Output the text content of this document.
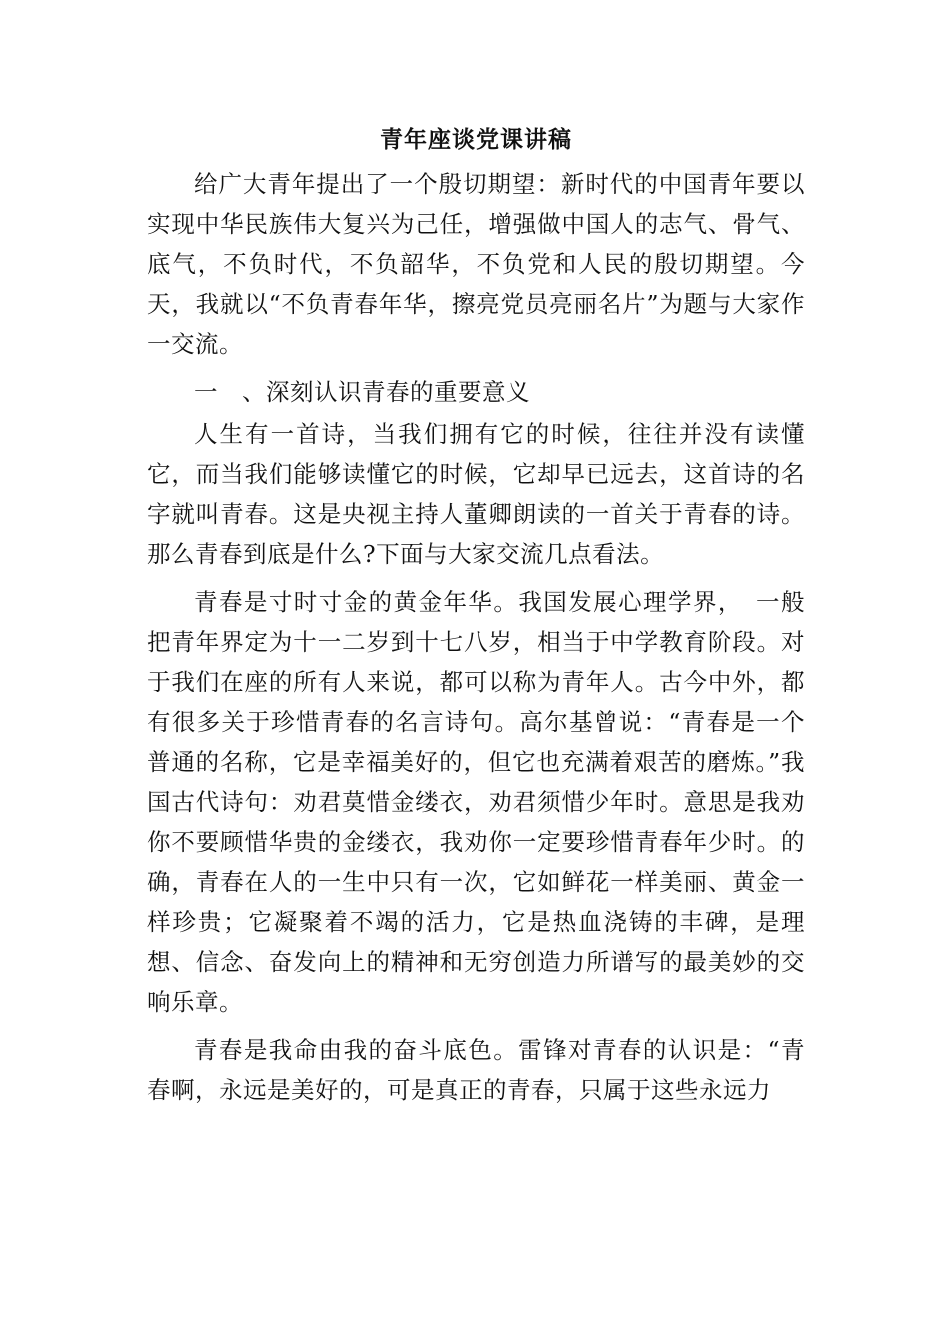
青年座谈党课讲稿

给广大青年提出了一个殷切期望：新时代的中国青年要以实现中华民族伟大复兴为己任，增强做中国人的志气、骨气、底气，不负时代，不负韶华，不负党和人民的殷切期望。今天，我就以“不负青春年华，擦亮党员亮丽名片”为题与大家作一交流。

一　、深刻认识青春的重要意义

人生有一首诗，当我们拥有它的时候，往往并没有读懂它，而当我们能够读懂它的时候，它却早已远去，这首诗的名字就叫青春。这是央视主持人董卿朗读的一首关于青春的诗。那么青春到底是什么?下面与大家交流几点看法。

青春是寸时寸金的黄金年华。我国发展心理学界，　一般把青年界定为十一二岁到十七八岁，相当于中学教育阶段。对于我们在座的所有人来说，都可以称为青年人。古今中外，都有很多关于珍惜青春的名言诗句。高尔基曾说：“青春是一个普通的名称，它是幸福美好的，但它也充满着艰苦的磨炼。”我国古代诗句：劝君莫惜金缕衣，劝君须惜少年时。意思是我劝你不要顾惜华贵的金缕衣，我劝你一定要珍惜青春年少时。的确，青春在人的一生中只有一次，它如鲜花一样美丽、黄金一样珍贵；它凝聚着不竭的活力，它是热血浇铸的丰碑，是理想、信念、奋发向上的精神和无穷创造力所谱写的最美妙的交响乐章。

青春是我命由我的奋斗底色。雷锋对青春的认识是：“青春啊，永远是美好的，可是真正的青春，只属于这些永远力
